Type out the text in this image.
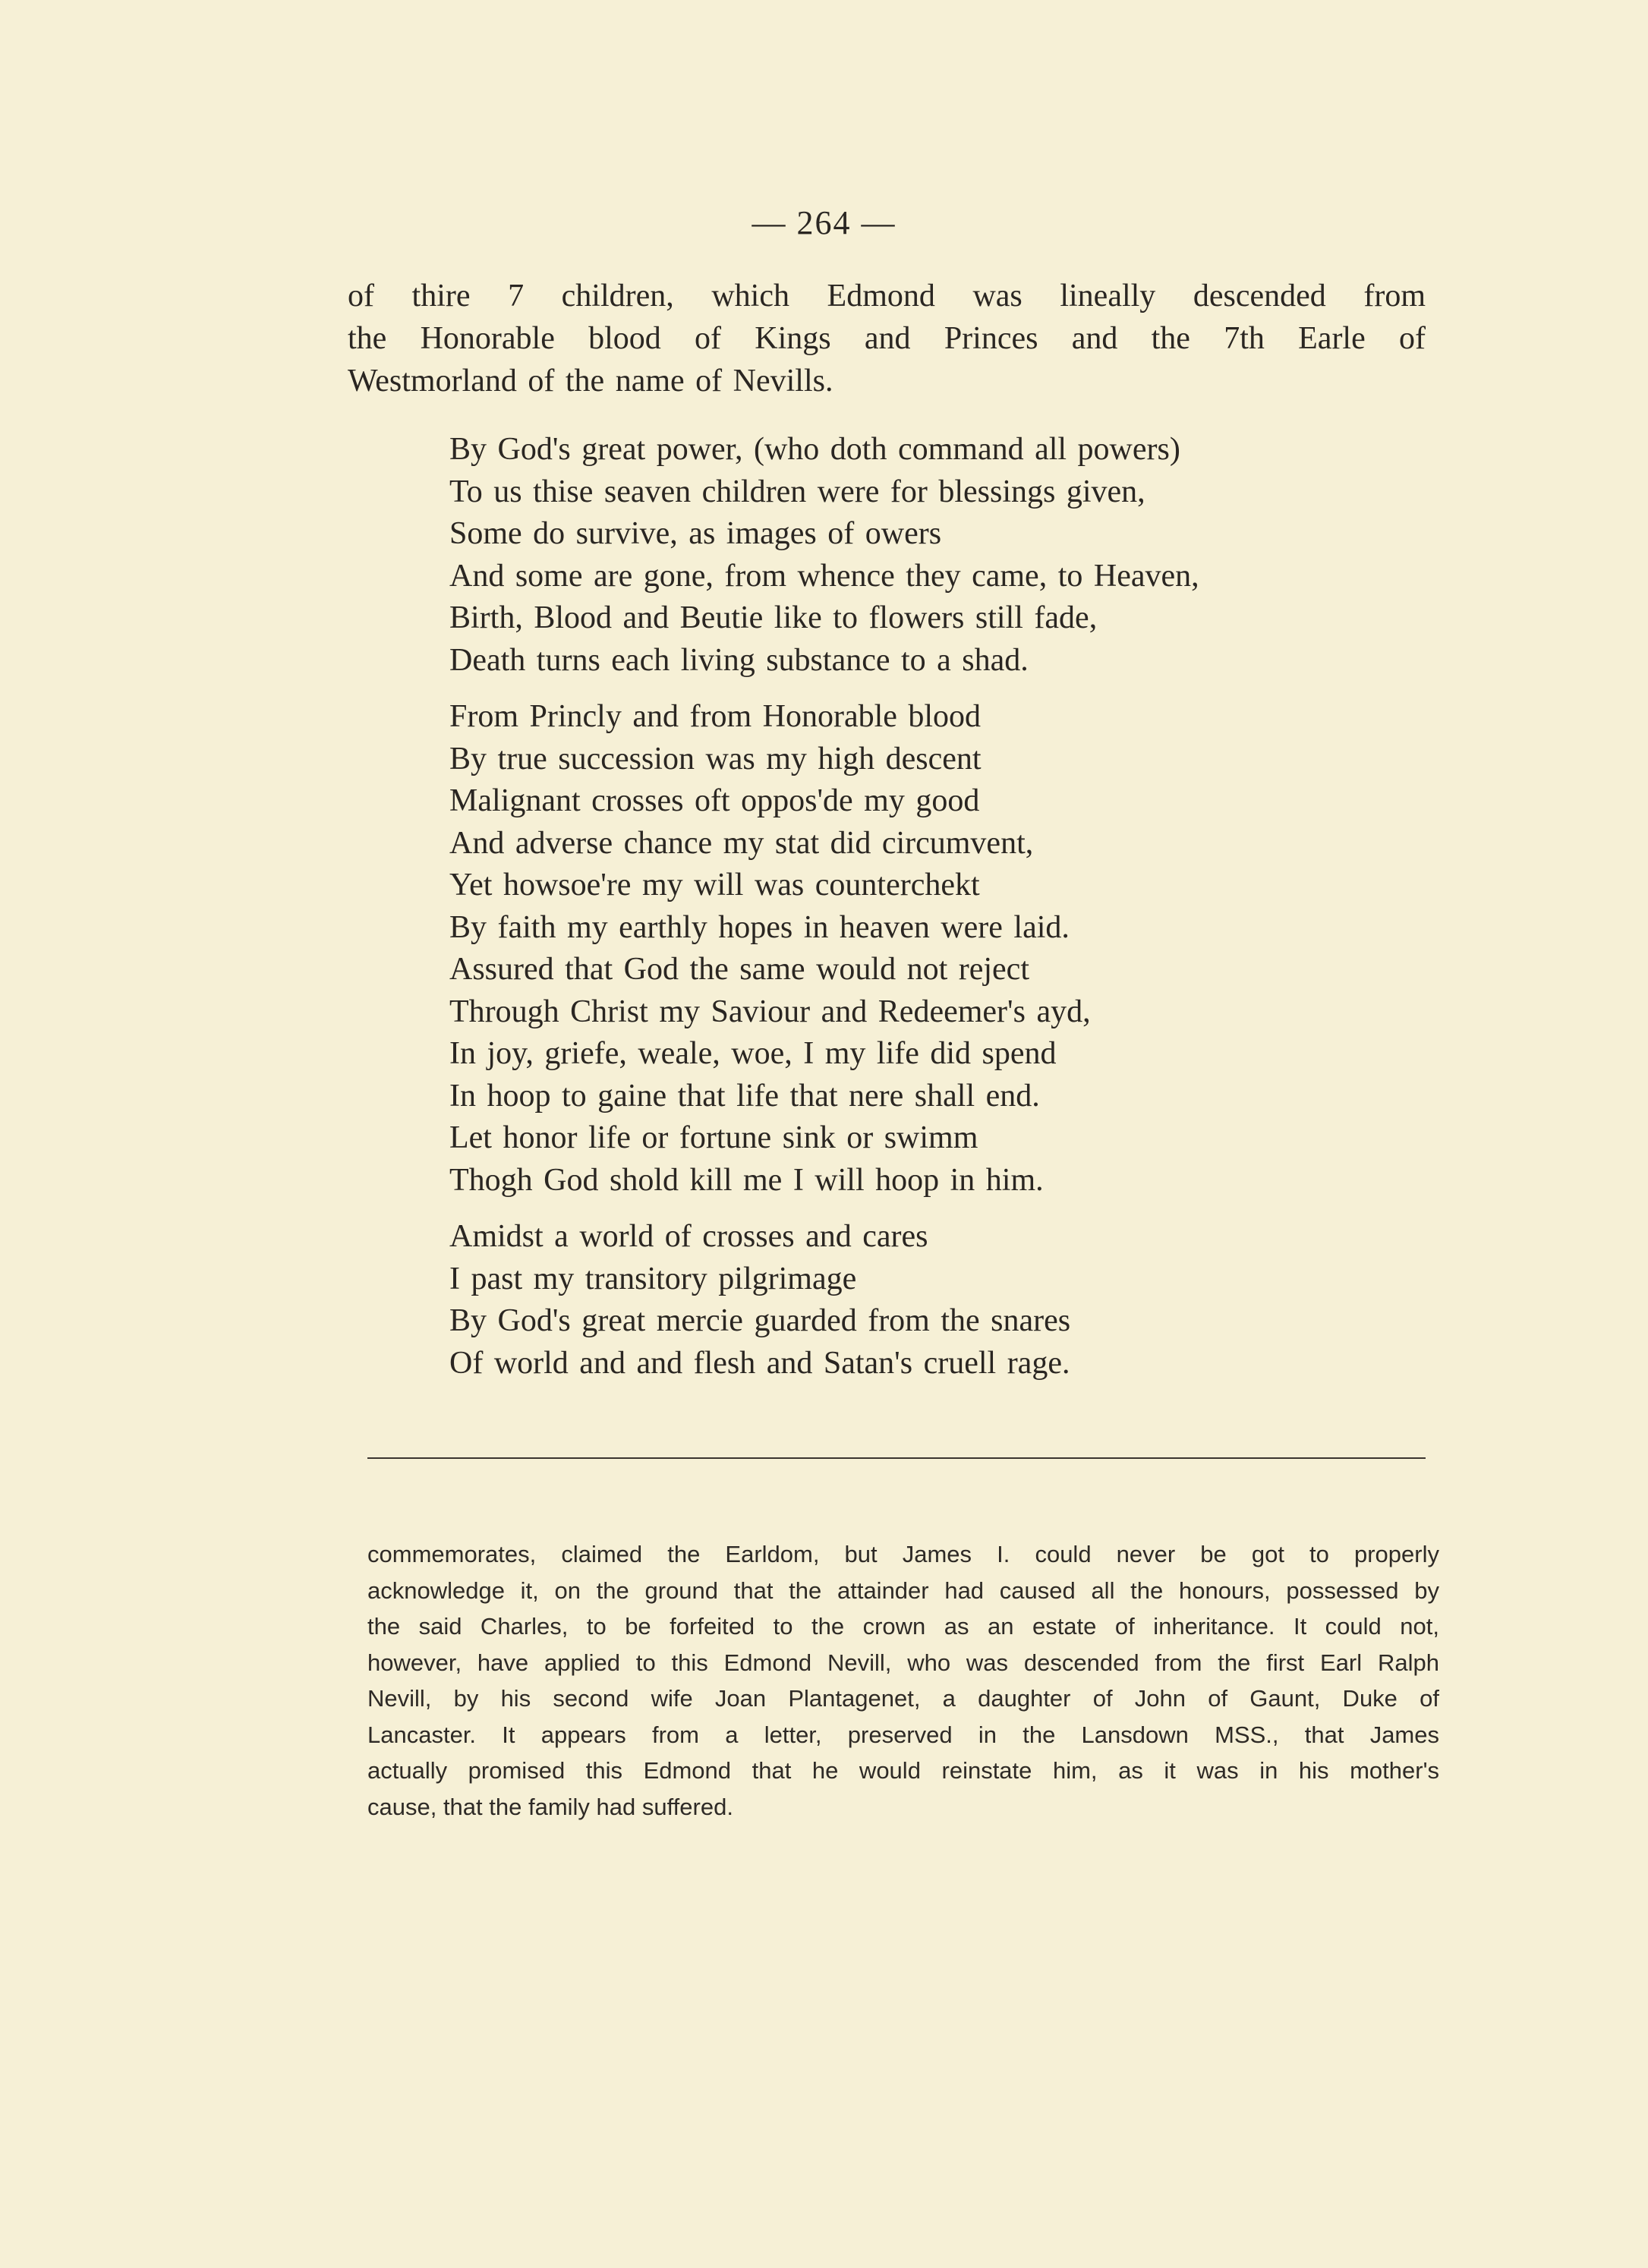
— 264 —
of thire 7 children, which Edmond was lineally descended from
the Honorable blood of Kings and Princes and the 7th Earle of
Westmorland of the name of Nevills.
By God's great power, (who doth command all powers)
To us thise seaven children were for blessings given,
Some do survive, as images of owers
And some are gone, from whence they came, to Heaven,
Birth, Blood and Beutie like to flowers still fade,
Death turns each living substance to a shad.
From Princly and from Honorable blood
By true succession was my high descent
Malignant crosses oft oppos'de my good
And adverse chance my stat did circumvent,
Yet howsoe're my will was counterchekt
By faith my earthly hopes in heaven were laid.
Assured that God the same would not reject
Through Christ my Saviour and Redeemer's ayd,
In joy, griefe, weale, woe, I my life did spend
In hoop to gaine that life that nere shall end.
Let honor life or fortune sink or swimm
Thogh God shold kill me I will hoop in him.
Amidst a world of crosses and cares
I past my transitory pilgrimage
By God's great mercie guarded from the snares
Of world and and flesh and Satan's cruell rage.
commemorates, claimed the Earldom, but James I. could never be got to properly
acknowledge it, on the ground that the attainder had caused all the honours, possessed by
the said Charles, to be forfeited to the crown as an estate of inheritance. It could not,
however, have applied to this Edmond Nevill, who was descended from the first Earl Ralph
Nevill, by his second wife Joan Plantagenet, a daughter of John of Gaunt, Duke of
Lancaster. It appears from a letter, preserved in the Lansdown MSS., that James
actually promised this Edmond that he would reinstate him, as it was in his mother's
cause, that the family had suffered.
